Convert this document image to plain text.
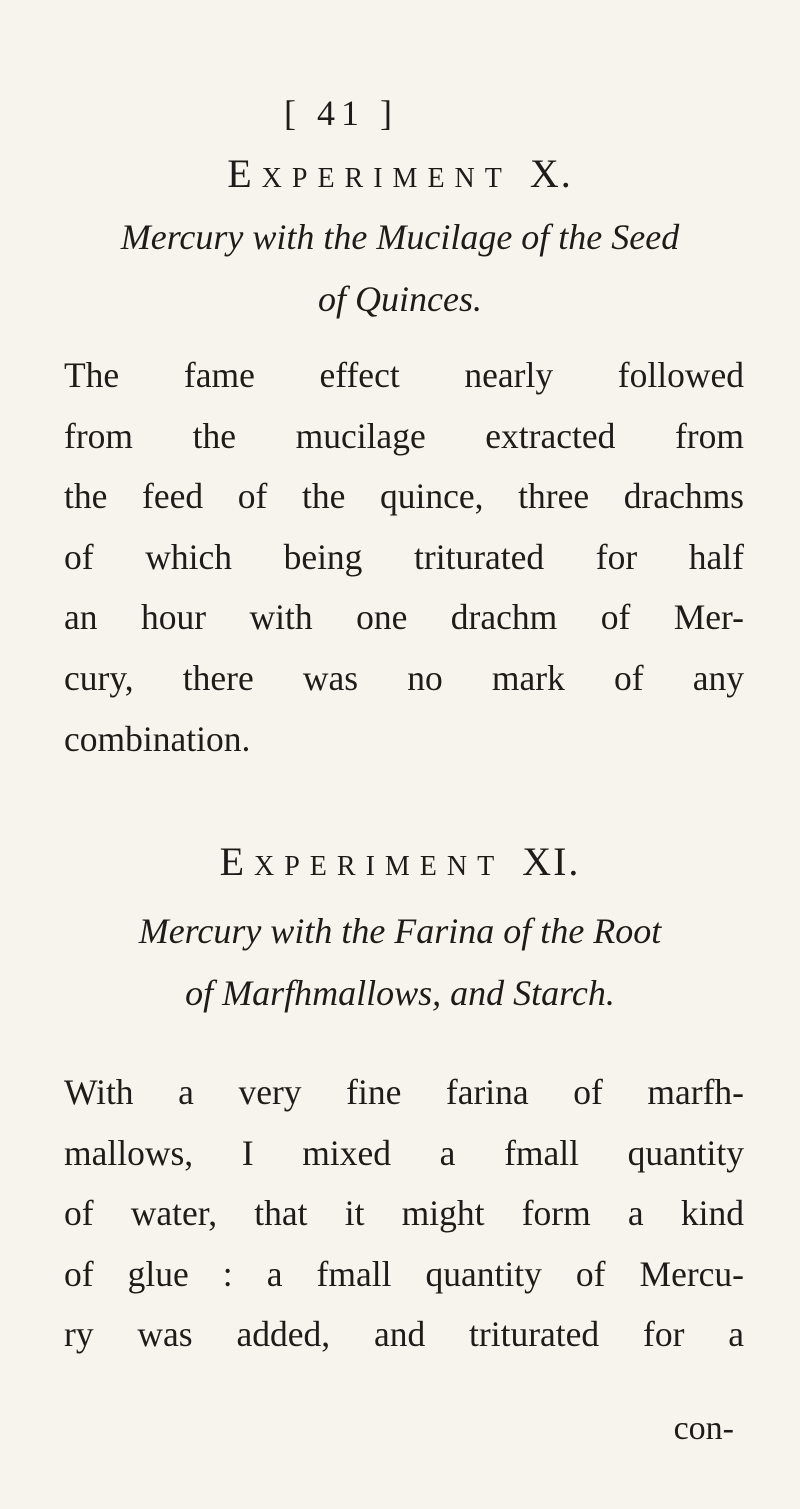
[ 41 ]
Experiment X.
Mercury with the Mucilage of the Seed
of Quinces.
The fame effect nearly followed
from the mucilage extracted from
the feed of the quince, three drachms
of which being triturated for half
an hour with one drachm of Mer-
cury, there was no mark of any
combination.
Experiment XI.
Mercury with the Farina of the Root
of Marfhmallows, and Starch.
With a very fine farina of marfh-
mallows, I mixed a fmall quantity
of water, that it might form a kind
of glue : a fmall quantity of Mercu-
ry was added, and triturated for a
con-
